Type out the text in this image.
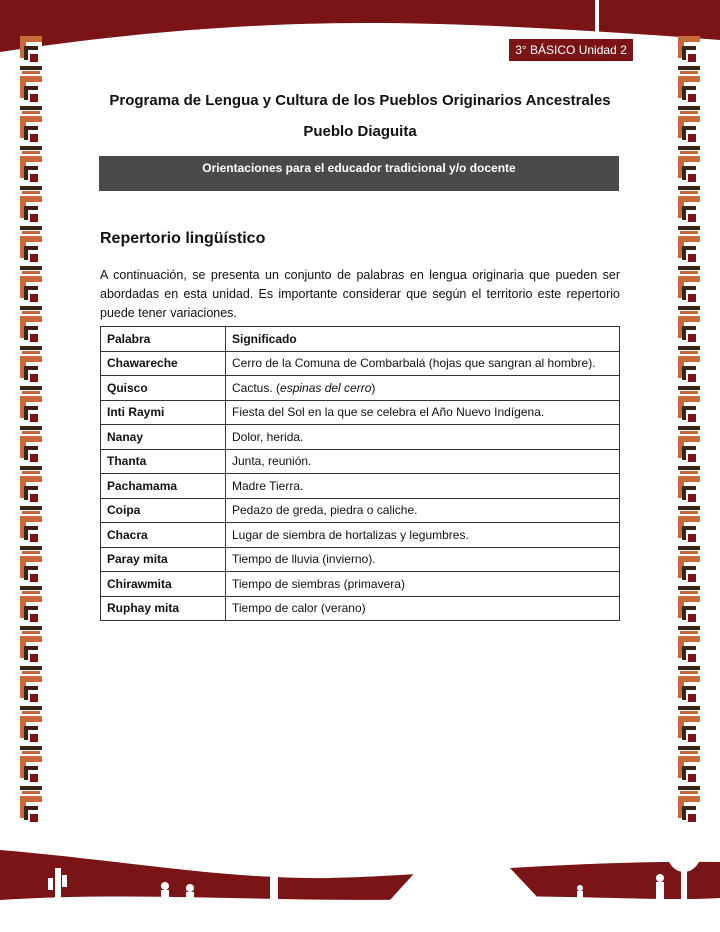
3° BÁSICO Unidad 2
Programa de Lengua y Cultura de los Pueblos Originarios Ancestrales
Pueblo Diaguita
Orientaciones para el educador tradicional y/o docente
Repertorio lingüístico
A continuación, se presenta un conjunto de palabras en lengua originaria que pueden ser abordadas en esta unidad. Es importante considerar que según el territorio este repertorio puede tener variaciones.
Palabra	Significado
Chawareche	Cerro de la Comuna de Combarbalá (hojas que sangran al hombre).
Quisco	Cactus. (espinas del cerro)
Inti Raymi	Fiesta del Sol en la que se celebra el Año Nuevo Indígena.
Nanay	Dolor, herida.
Thanta	Junta, reunión.
Pachamama	Madre Tierra.
Coipa	Pedazo de greda, piedra o caliche.
Chacra	Lugar de siembra de hortalizas y legumbres.
Paray mita	Tiempo de lluvia (invierno).
Chirawmita	Tiempo de siembras (primavera)
Ruphay mita	Tiempo de calor (verano)
